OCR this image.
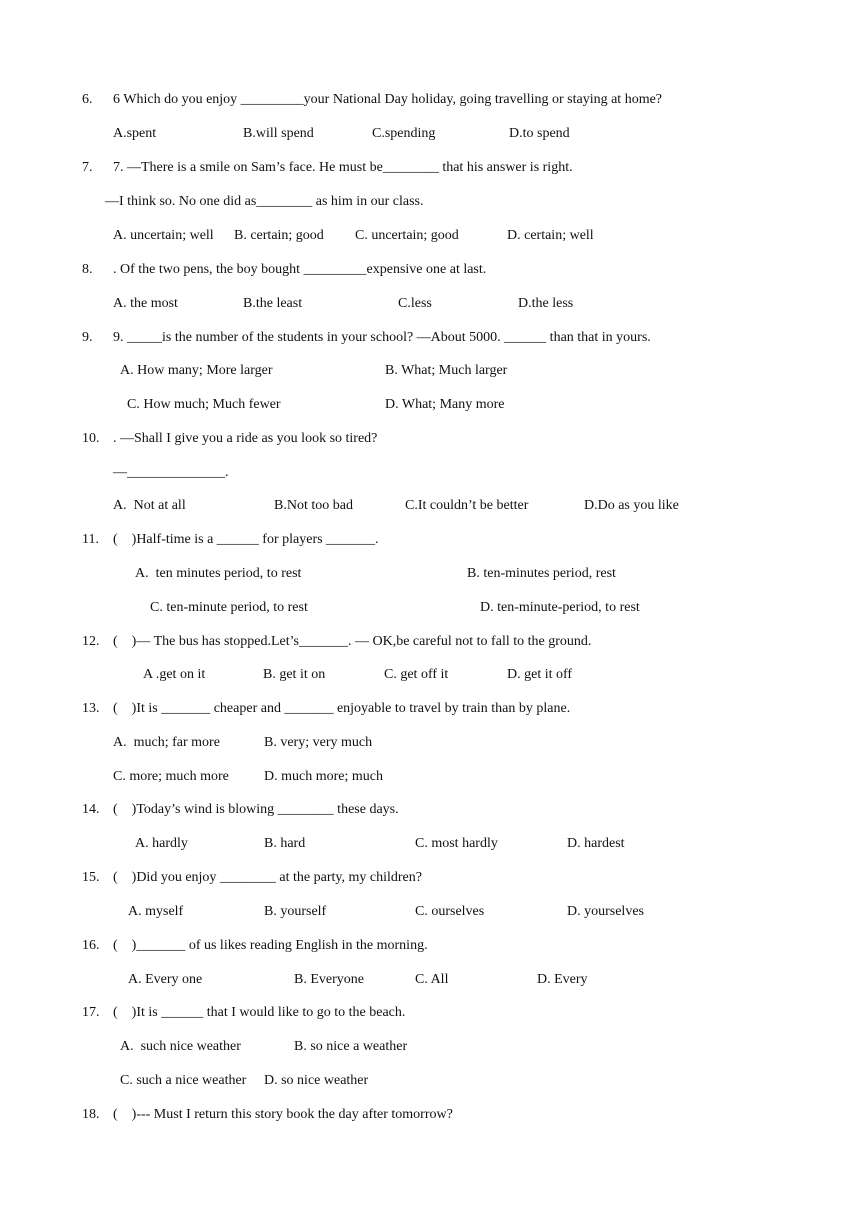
6. 6 Which do you enjoy _________your National Day holiday, going travelling or staying at home?
A.spent	B.will spend	C.spending	D.to spend
7. 7. —There is a smile on Sam’s face. He must be________ that his answer is right.
—I think so. No one did as________ as him in our class.
A. uncertain; well B. certain; good C. uncertain; good	D. certain; well
8. . Of the two pens, the boy bought _________expensive one at last.
A. the most	B.the least	C.less	D.the less
9. 9. _____is the number of the students in your school? —About 5000. ______ than that in yours.
A. How many; More larger	B. What; Much larger
C. How much; Much fewer	D. What; Many more
10. . —Shall I give you a ride as you look so tired?
—______________.
A.  Not at all	B.Not too bad	C.It couldn’t be better	D.Do as you like
11. (    )Half-time is a ______ for players _______.
A.  ten minutes period, to rest	B. ten-minutes period, rest
C. ten-minute period, to rest	D. ten-minute-period, to rest
12. (    )— The bus has stopped.Let’s_______. — OK,be careful not to fall to the ground.
A .get on it	B. get it on	C. get off it	D. get it off
13. (    )It is _______ cheaper and _______ enjoyable to travel by train than by plane.
A.  much; far more	B. very; very much
C. more; much more	D. much more; much
14. (    )Today’s wind is blowing ________ these days.
A. hardly	B. hard	C. most hardly	D. hardest
15. (    )Did you enjoy ________ at the party, my children?
A. myself	B. yourself	C. ourselves	D. yourselves
16. (    )_______ of us likes reading English in the morning.
A. Every one	B. Everyone	C. All	D. Every
17. (    )It is ______ that I would like to go to the beach.
A.  such nice weather	B. so nice a weather
C. such a nice weather D. so nice weather
18. (    )--- Must I return this story book the day after tomorrow?
